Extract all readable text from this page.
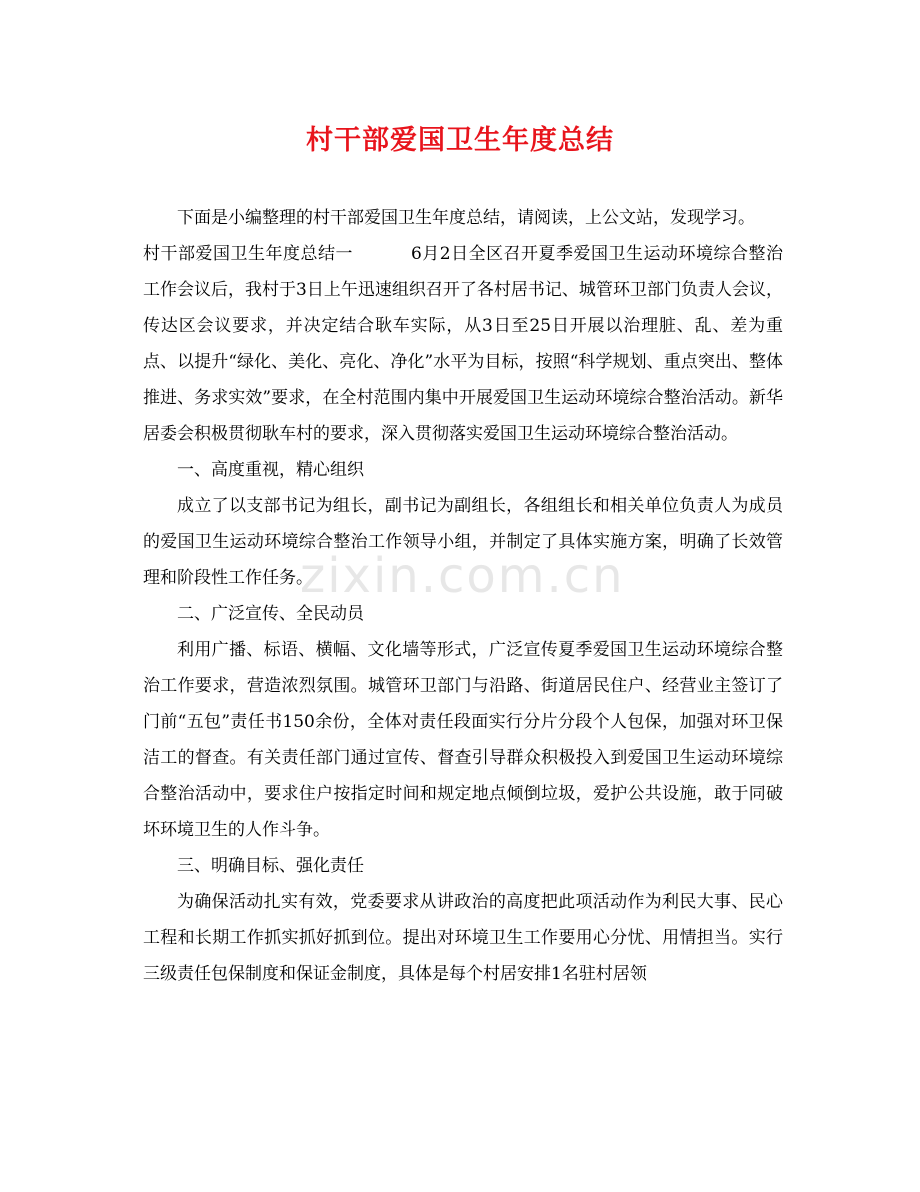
村干部爱国卫生年度总结

下面是小编整理的村干部爱国卫生年度总结，请阅读，上公文站，发现学习。

村干部爱国卫生年度总结一	6月2日全区召开夏季爱国卫生运动环境综合整治工作会议后，我村于3日上午迅速组织召开了各村居书记、城管环卫部门负责人会议，传达区会议要求，并决定结合耿车实际，从3日至25日开展以治理脏、乱、差为重点、以提升“绿化、美化、亮化、净化”水平为目标，按照“科学规划、重点突出、整体推进、务求实效”要求，在全村范围内集中开展爱国卫生运动环境综合整治活动。新华居委会积极贯彻耿车村的要求，深入贯彻落实爱国卫生运动环境综合整治活动。

一、高度重视，精心组织

成立了以支部书记为组长，副书记为副组长，各组组长和相关单位负责人为成员的爱国卫生运动环境综合整治工作领导小组，并制定了具体实施方案，明确了长效管理和阶段性工作任务。

二、广泛宣传、全民动员

利用广播、标语、横幅、文化墙等形式，广泛宣传夏季爱国卫生运动环境综合整治工作要求，营造浓烈氛围。城管环卫部门与沿路、街道居民住户、经营业主签订了门前“五包”责任书150余份，全体对责任段面实行分片分段个人包保，加强对环卫保洁工的督查。有关责任部门通过宣传、督查引导群众积极投入到爱国卫生运动环境综合整治活动中，要求住户按指定时间和规定地点倾倒垃圾，爱护公共设施，敢于同破坏环境卫生的人作斗争。

三、明确目标、强化责任

为确保活动扎实有效，党委要求从讲政治的高度把此项活动作为利民大事、民心工程和长期工作抓实抓好抓到位。提出对环境卫生工作要用心分忧、用情担当。实行三级责任包保制度和保证金制度，具体是每个村居安排1名驻村居领

zixin.com.cn
